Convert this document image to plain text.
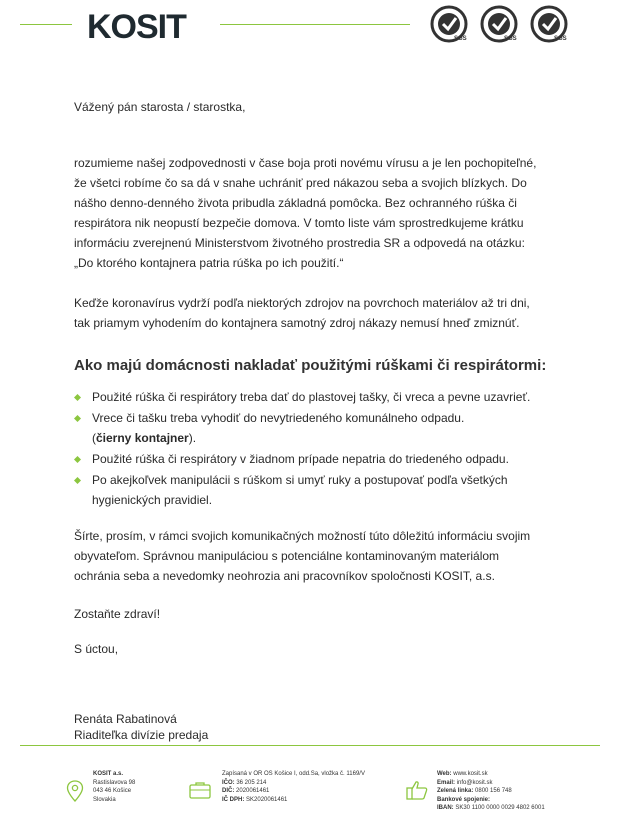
KOSIT	SGS	SGS	SGS

Vážený pán starosta / starostka,

rozumieme našej zodpovednosti v čase boja proti novému vírusu a je len pochopiteľné,
že všetci robíme čo sa dá v snahe uchrániť pred nákazou seba a svojich blízkych. Do
nášho denno-denného života pribudla základná pomôcka. Bez ochranného rúška či
respirátora nik neopustí bezpečie domova. V tomto liste vám sprostredkujeme krátku
informáciu zverejnenú Ministerstvom životného prostredia SR a odpovedá na otázku:
„Do ktorého kontajnera patria rúška po ich použití.“

Keďže koronavírus vydrží podľa niektorých zdrojov na povrchoch materiálov až tri dni,
tak priamym vyhodením do kontajnera samotný zdroj nákazy nemusí hneď zmiznúť.

Ako majú domácnosti nakladať použitými rúškami či respirátormi:

Použité rúška či respirátory treba dať do plastovej tašky, či vreca a pevne uzavrieť.
Vrece či tašku treba vyhodiť do nevytriedeného komunálneho odpadu.
(čierny kontajner).
Použité rúška či respirátory v žiadnom prípade nepatria do triedeného odpadu.
Po akejkoľvek manipulácii s rúškom si umyť ruky a postupovať podľa všetkých
hygienických pravidiel.

Šírte, prosím, v rámci svojich komunikačných možností túto dôležitú informáciu svojim
obyvateľom. Správnou manipuláciou s potenciálne kontaminovaným materiálom
ochránia seba a nevedomky neohrozia ani pracovníkov spoločnosti KOSIT, a.s.

Zostaňte zdraví!

S úctou,

Renáta Rabatinová
Riaditeľka divízie predaja
KOSIT a.s.
Rastislavova 98
043 46 Košice
Slovakia
Zapísaná v OR OS Košice I, odd.Sa, vložka č. 1169/V
IČO: 36 205 214
DIČ: 2020061461
IČ DPH: SK2020061461
Web: www.kosit.sk
Email: info@kosit.sk
Zelená linka: 0800 156 748
Bankové spojenie:
IBAN: SK30 1100 0000 0029 4802 6001
